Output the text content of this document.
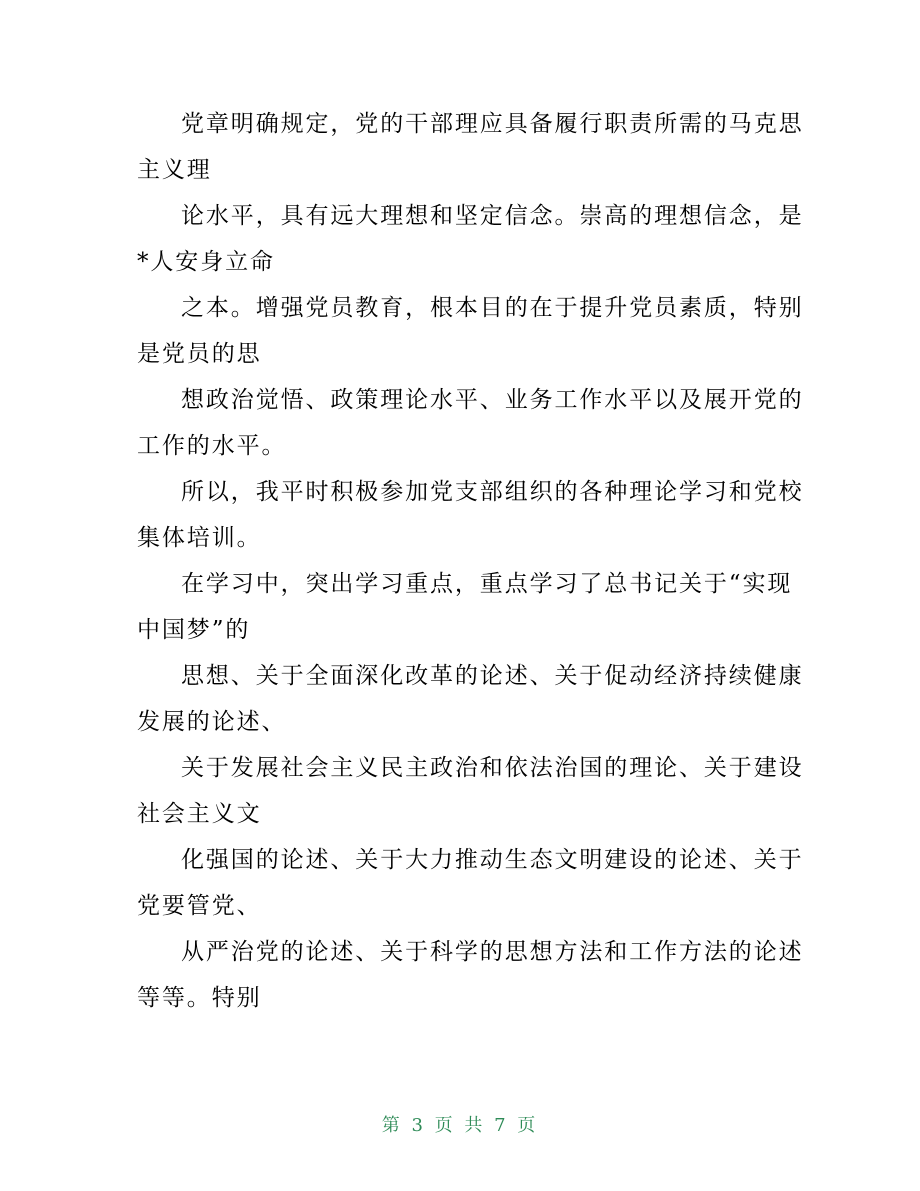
党章明确规定，党的干部理应具备履行职责所需的马克思
主义理

论水平，具有远大理想和坚定信念。崇高的理想信念，是
*人安身立命

之本。增强党员教育，根本目的在于提升党员素质，特别
是党员的思

想政治觉悟、政策理论水平、业务工作水平以及展开党的
工作的水平。

所以，我平时积极参加党支部组织的各种理论学习和党校
集体培训。

在学习中，突出学习重点，重点学习了总书记关于“实现
中国梦”的

思想、关于全面深化改革的论述、关于促动经济持续健康
发展的论述、

关于发展社会主义民主政治和依法治国的理论、关于建设
社会主义文

化强国的论述、关于大力推动生态文明建设的论述、关于
党要管党、

从严治党的论述、关于科学的思想方法和工作方法的论述
等等。特别

第 3 页 共 7 页
